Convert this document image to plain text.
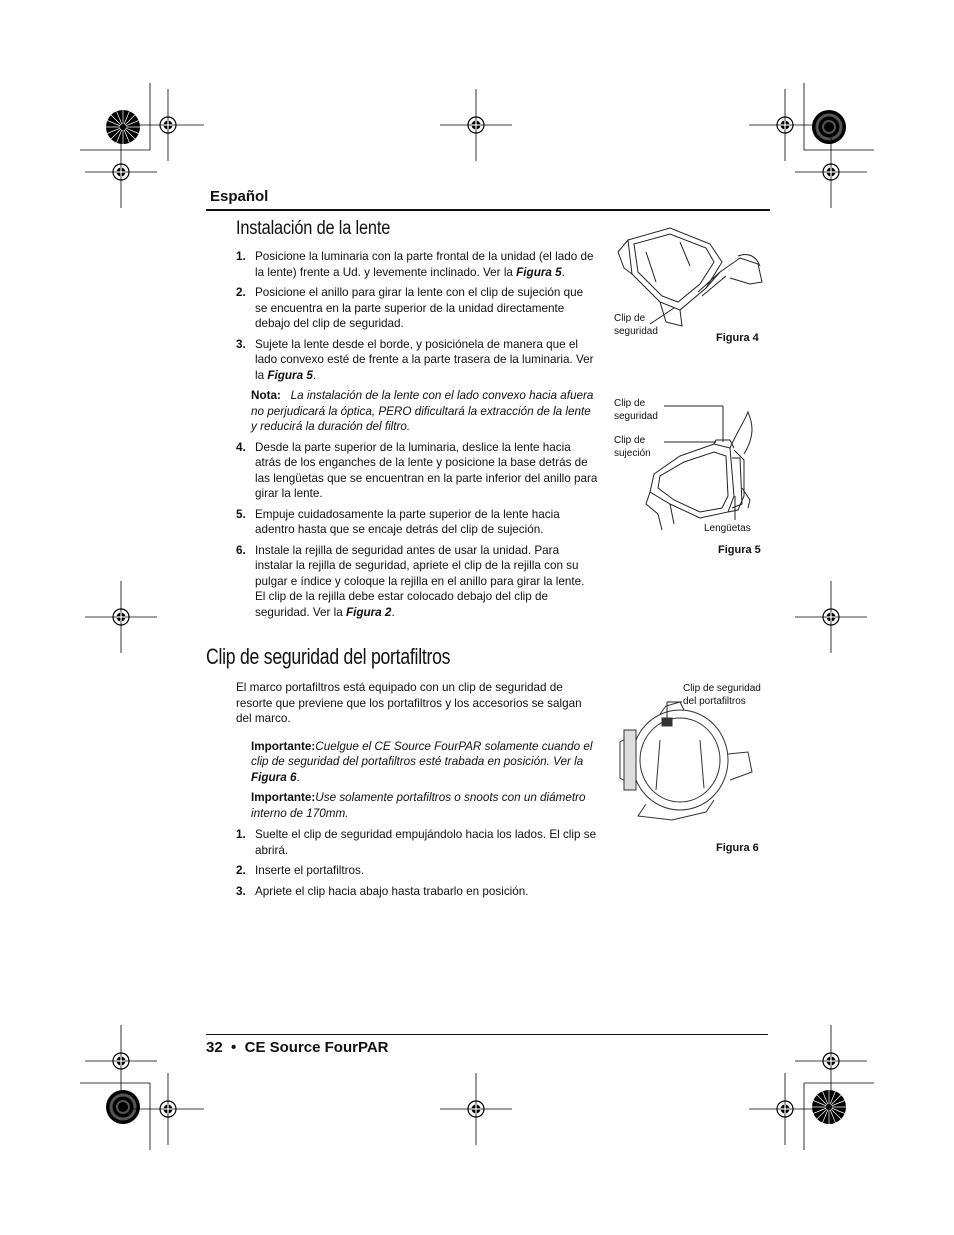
Español
Instalación de la lente
1. Posicione la luminaria con la parte frontal de la unidad (el lado de la lente) frente a Ud. y levemente inclinado. Ver la Figura 5.
2. Posicione el anillo para girar la lente con el clip de sujeción que se encuentra en la parte superior de la unidad directamente debajo del clip de seguridad.
3. Sujete la lente desde el borde, y posiciónela de manera que el lado convexo esté de frente a la parte trasera de la luminaria. Ver la Figura 5.
Nota: La instalación de la lente con el lado convexo hacia afuera no perjudicará la óptica, PERO dificultará la extracción de la lente y reducirá la duración del filtro.
4. Desde la parte superior de la luminaria, deslice la lente hacia atrás de los enganches de la lente y posicione la base detrás de las lengüetas que se encuentran en la parte inferior del anillo para girar la lente.
5. Empuje cuidadosamente la parte superior de la lente hacia adentro hasta que se encaje detrás del clip de sujeción.
6. Instale la rejilla de seguridad antes de usar la unidad. Para instalar la rejilla de seguridad, apriete el clip de la rejilla con su pulgar e índice y coloque la rejilla en el anillo para girar la lente. El clip de la rejilla debe estar colocado debajo del clip de seguridad. Ver la Figura 2.
Clip de seguridad del portafiltros

El marco portafiltros está equipado con un clip de seguridad de resorte que previene que los portafiltros y los accesorios se salgan del marco.

Importante:Cuelgue el CE Source FourPAR solamente cuando el clip de seguridad del portafiltros esté trabada en posición. Ver la Figura 6.
Importante:Use solamente portafiltros o snoots con un diámetro interno de 170mm.
1. Suelte el clip de seguridad empujándolo hacia los lados. El clip se abrirá.
2. Inserte el portafiltros.
3. Apriete el clip hacia abajo hasta trabarlo en posición.
Clip de
seguridad
Figura 4
Clip de
seguridad
Clip de
sujeción
Lengüetas
Figura 5
Clip de seguridad
del portafiltros
Figura 6
32  •  CE Source FourPAR
